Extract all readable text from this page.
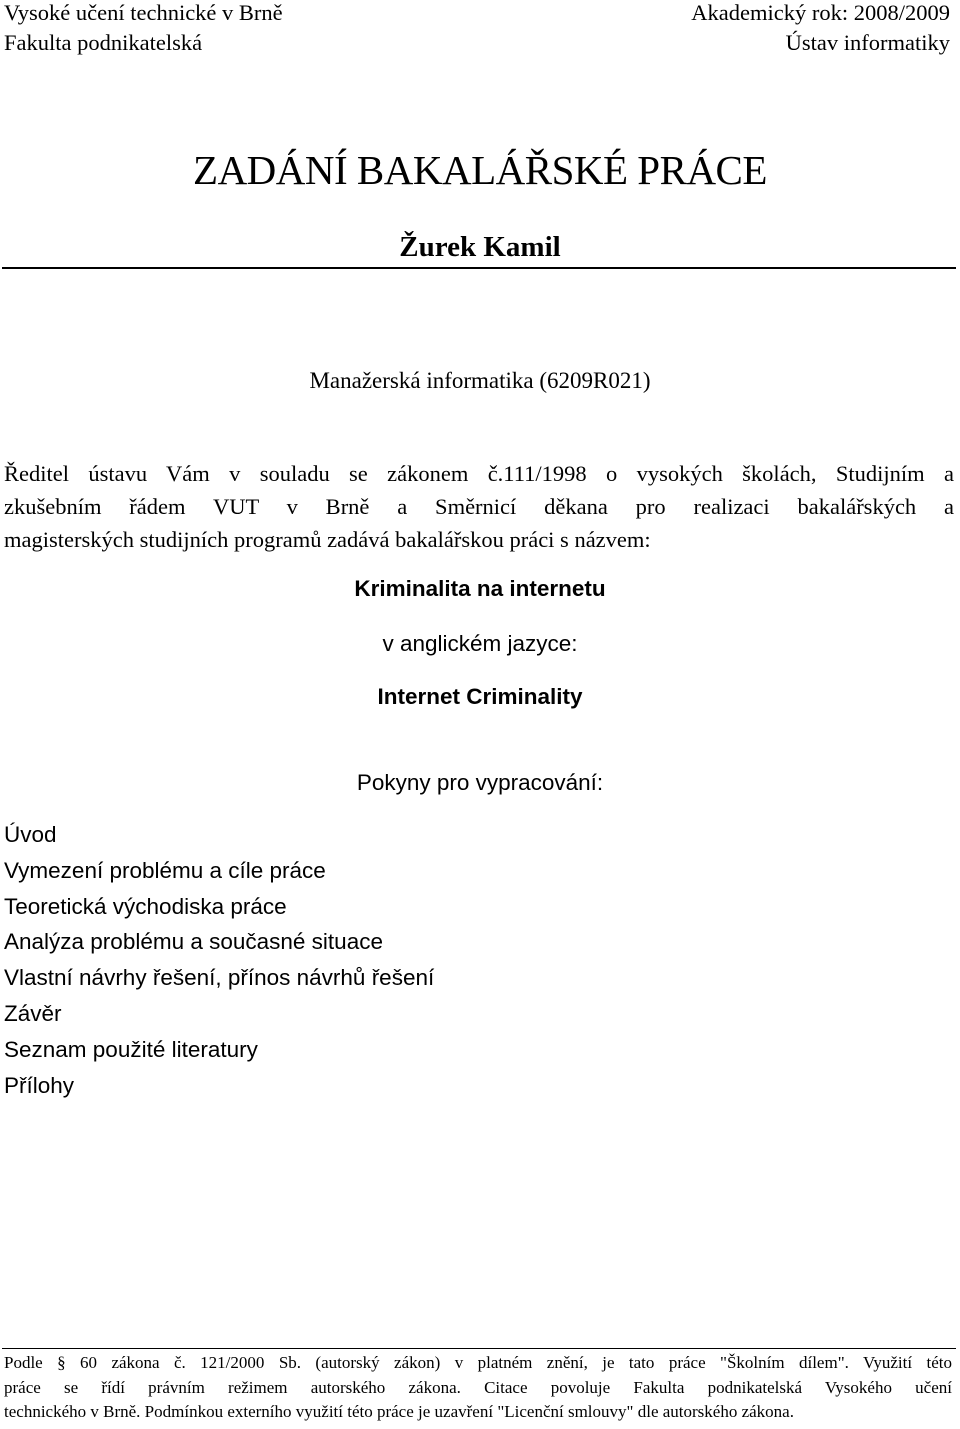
Vysoké učení technické v Brně	Akademický rok: 2008/2009
Fakulta podnikatelská	Ústav informatiky
ZADÁNÍ BAKALÁŘSKÉ PRÁCE
Žurek Kamil
Manažerská informatika (6209R021)
Ředitel ústavu Vám v souladu se zákonem č.111/1998 o vysokých školách, Studijním a
zkušebním řádem VUT v Brně a Směrnicí děkana pro realizaci bakalářských a
magisterských studijních programů zadává bakalářskou práci s názvem:
Kriminalita na internetu
v anglickém jazyce:
Internet Criminality
Pokyny pro vypracování:
Úvod
Vymezení problému a cíle práce
Teoretická východiska práce
Analýza problému a současné situace
Vlastní návrhy řešení, přínos návrhů řešení
Závěr
Seznam použité literatury
Přílohy
Podle § 60 zákona č. 121/2000 Sb. (autorský zákon) v platném znění, je tato práce "Školním dílem". Využití této
práce se řídí právním režimem autorského zákona. Citace povoluje Fakulta podnikatelská Vysokého učení
technického v Brně. Podmínkou externího využití této práce je uzavření "Licenční smlouvy" dle autorského zákona.
